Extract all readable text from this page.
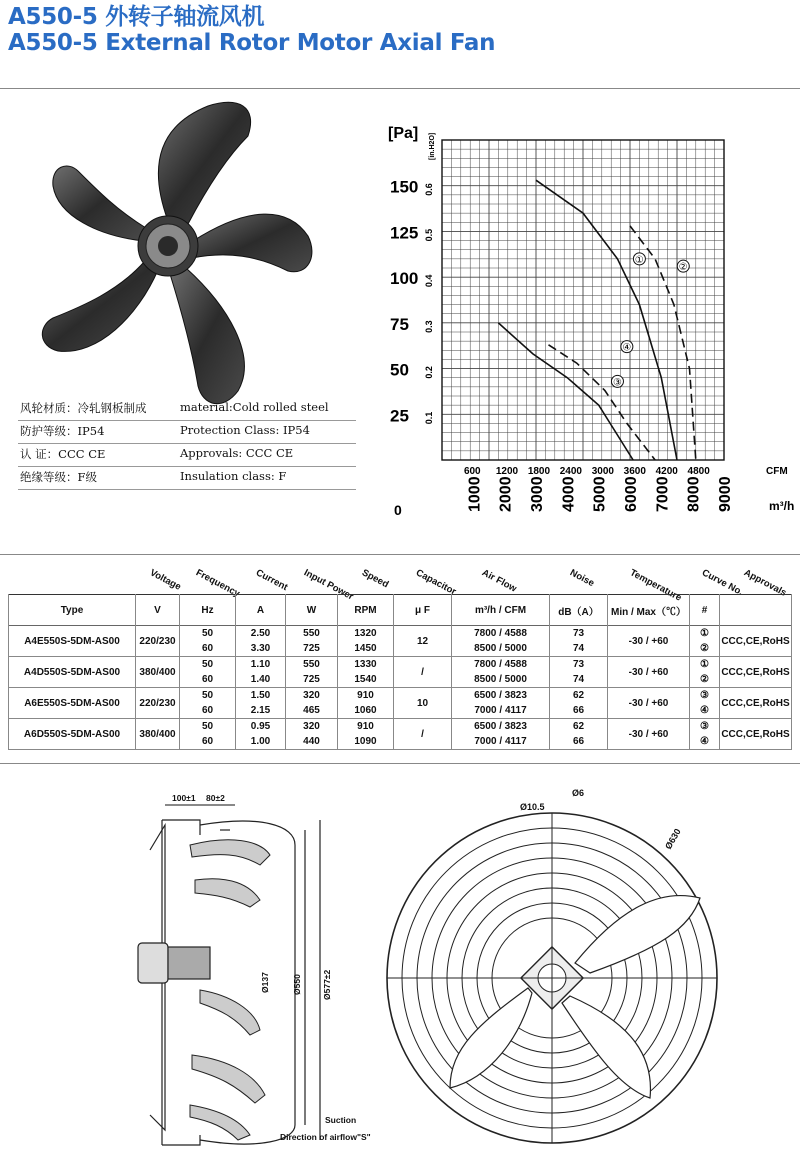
A550-5 外转子轴流风机
A550-5 External Rotor Motor Axial Fan
风轮材质：冷轧钢板制成	material:Cold rolled steel
防护等级：IP54	Protection Class: IP54
认 证：CCC CE	Approvals: CCC CE
绝缘等级：F级	Insulation class: F
150 0.6
125 0.5
100 0.4
75 0.3
50 0.2
25 0.1
[Pa] [in.H2O]
600 1200 1800 2400 3000 3600 4200 4800	CFM
1000 2000 3000 4000 5000 6000 7000 8000 9000	m³/h
0
①
②
③
④
Voltage Frequency Current Input Power Speed Capacitor Air Flow	Noise	Temperature Curve No.
Approvals
Type	V	Hz	A	W	RPM	μ F	m³/h / CFM	dB（A）	Min / Max（℃）	#	
A4E550S-5DM-AS00	220/230	50	2.50	550	1320	12	7800 / 4588	73	-30 / +60	①	CCC,CE,RoHS
		60	3.30	725	1450		8500 / 5000	74		②	
A4D550S-5DM-AS00	380/400	50	1.10	550	1330	/	7800 / 4588	73	-30 / +60	①	CCC,CE,RoHS
		60	1.40	725	1540		8500 / 5000	74		②	
A6E550S-5DM-AS00	220/230	50	1.50	320	910	10	6500 / 3823	62	-30 / +60	③	CCC,CE,RoHS
		60	2.15	465	1060		7000 / 4117	66		④	
A6D550S-5DM-AS00	380/400	50	0.95	320	910	/	6500 / 3823	62	-30 / +60	③	CCC,CE,RoHS
		60	1.00	440	1090		7000 / 4117	66		④	
100±1 80±2
Ø137	Ø550 Ø577±2
Suction
Direction of airflow"S"
Ø10.5
Ø6
Ø630
